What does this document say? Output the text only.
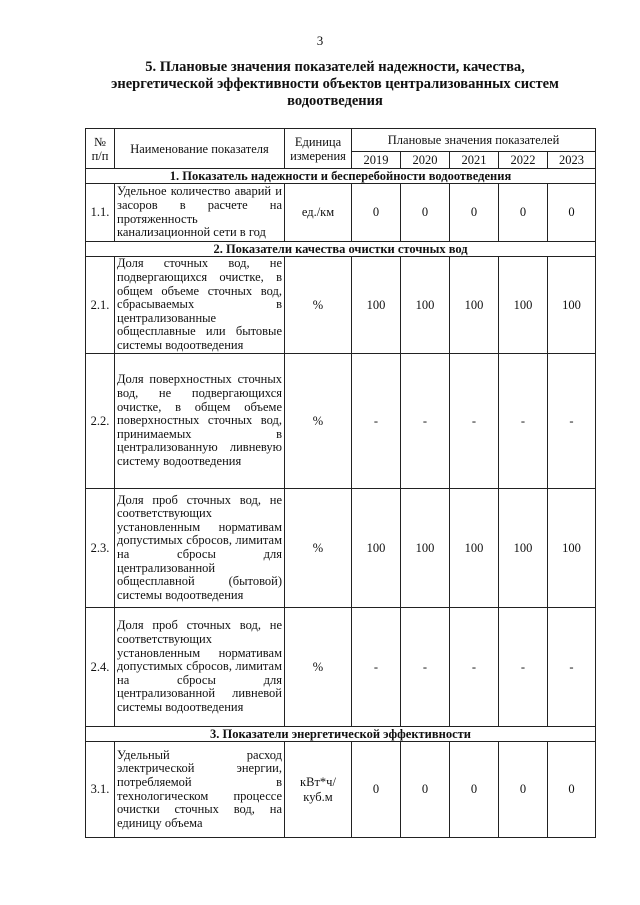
3
5. Плановые значения показателей надежности, качества, энергетической эффективности объектов централизованных систем водоотведения
№ п/п	Наименование показателя	Единица измерения	Плановые значения показателей				
			2019	2020	2021	2022	2023
1. Показатель надежности и бесперебойности водоотведения							
1.1.	Удельное количество аварий и засоров в расчете на протяженность канализационной сети в год	ед./км	0	0	0	0	0
2. Показатели качества очистки сточных вод							
2.1.	Доля сточных вод, не подвергающихся очистке, в общем объеме сточных вод, сбрасываемых в централизованные общесплавные или бытовые системы водоотведения	%	100	100	100	100	100
2.2.	Доля поверхностных сточных вод, не подвергающихся очистке, в общем объеме поверхностных сточных вод, принимаемых в централизованную ливневую систему водоотведения	%	-	-	-	-	-
2.3.	Доля проб сточных вод, не соответствующих установленным нормативам допустимых сбросов, лимитам на сбросы для централизованной общесплавной (бытовой) системы водоотведения	%	100	100	100	100	100
2.4.	Доля проб сточных вод, не соответствующих установленным нормативам допустимых сбросов, лимитам на сбросы для централизованной ливневой системы водоотведения	%	-	-	-	-	-
3. Показатели энергетической эффективности							
3.1.	Удельный расход электрической энергии, потребляемой в технологическом процессе очистки сточных вод, на единицу объема	кВт*ч/ куб.м	0	0	0	0	0
